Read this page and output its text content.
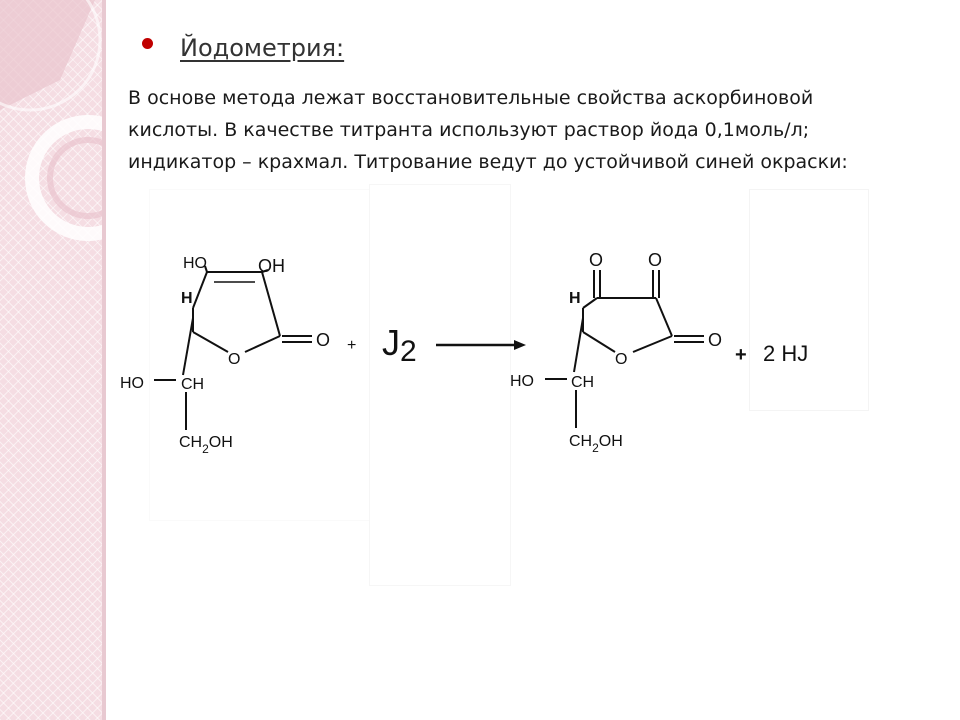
Йодометрия:
В основе метода лежат восстановительные свойства аскорбиновой
кислоты. В качестве титранта используют раствор йода 0,1моль/л;
индикатор – крахмал. Титрование ведут до устойчивой синей окраски:
HO	OH
H
O
O
HO CH
$CH_2OH$
+ J2
O O
H
O
O
HO CH
$CH_2OH$
+ 2 HJ
